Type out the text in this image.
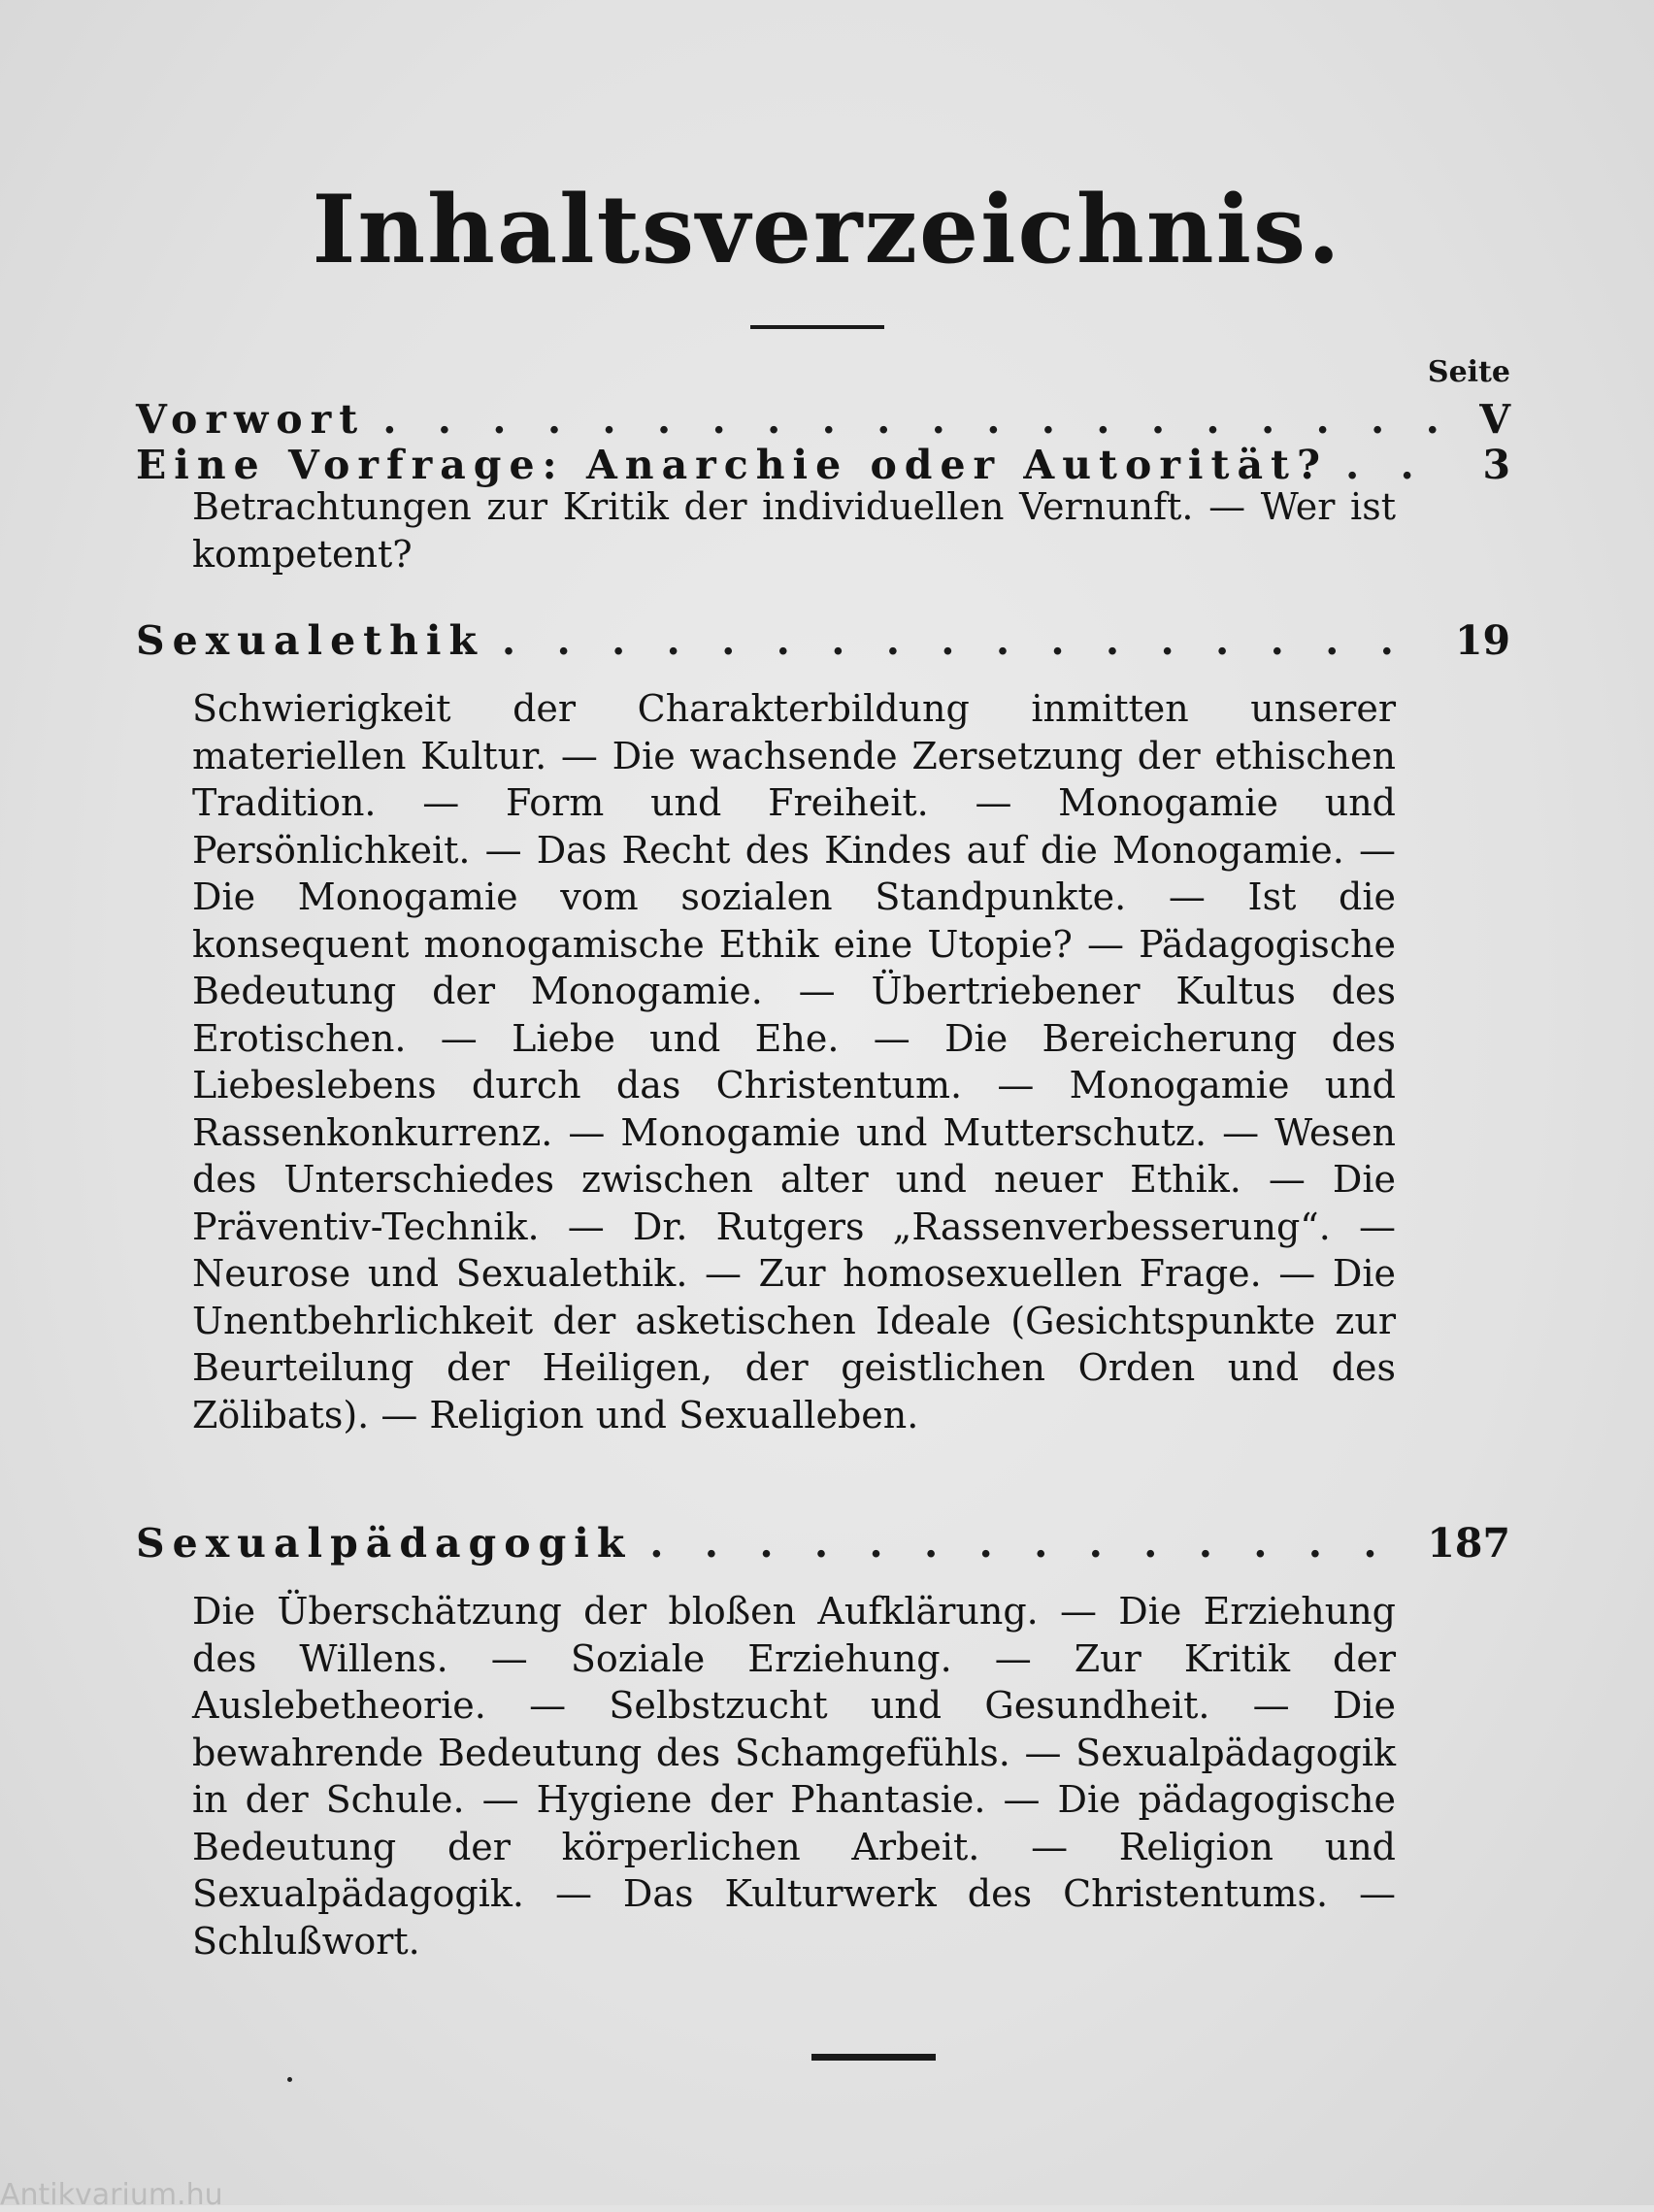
Inhaltsverzeichnis.
Seite
Vorwort . . .	V
Eine Vorfrage: Anarchie oder Autorität? . . .	3

Betrachtungen zur Kritik der individuellen Vernunft. — Wer ist kompetent?

Sexualethik . . .	19

Schwierigkeit der Charakterbildung inmitten unserer materiellen Kultur. — Die wachsende Zersetzung der ethischen Tradition. — Form und Freiheit. — Monogamie und Persönlichkeit. — Das Recht des Kindes auf die Monogamie. — Die Monogamie vom sozialen Standpunkte. — Ist die konsequent monogamische Ethik eine Utopie? — Pädagogische Bedeutung der Monogamie. — Übertriebener Kultus des Erotischen. — Liebe und Ehe. — Die Bereicherung des Liebeslebens durch das Christentum. — Monogamie und Rassenkonkurrenz. — Monogamie und Mutterschutz. — Wesen des Unterschiedes zwischen alter und neuer Ethik. — Die Präventiv-Technik. — Dr. Rutgers „Rassenverbesserung“. — Neurose und Sexualethik. — Zur homosexuellen Frage. — Die Unentbehrlichkeit der asketischen Ideale (Gesichtspunkte zur Beurteilung der Heiligen, der geistlichen Orden und des Zölibats). — Religion und Sexualleben.

Sexualpädagogik . . .	187

Die Überschätzung der bloßen Aufklärung. — Die Erziehung des Willens. — Soziale Erziehung. — Zur Kritik der Auslebetheorie. — Selbstzucht und Gesundheit. — Die bewahrende Bedeutung des Schamgefühls. — Sexualpädagogik in der Schule. — Hygiene der Phantasie. — Die pädagogische Bedeutung der körperlichen Arbeit. — Religion und Sexualpädagogik. — Das Kulturwerk des Christentums. — Schlußwort.

Antikvarium.hu
